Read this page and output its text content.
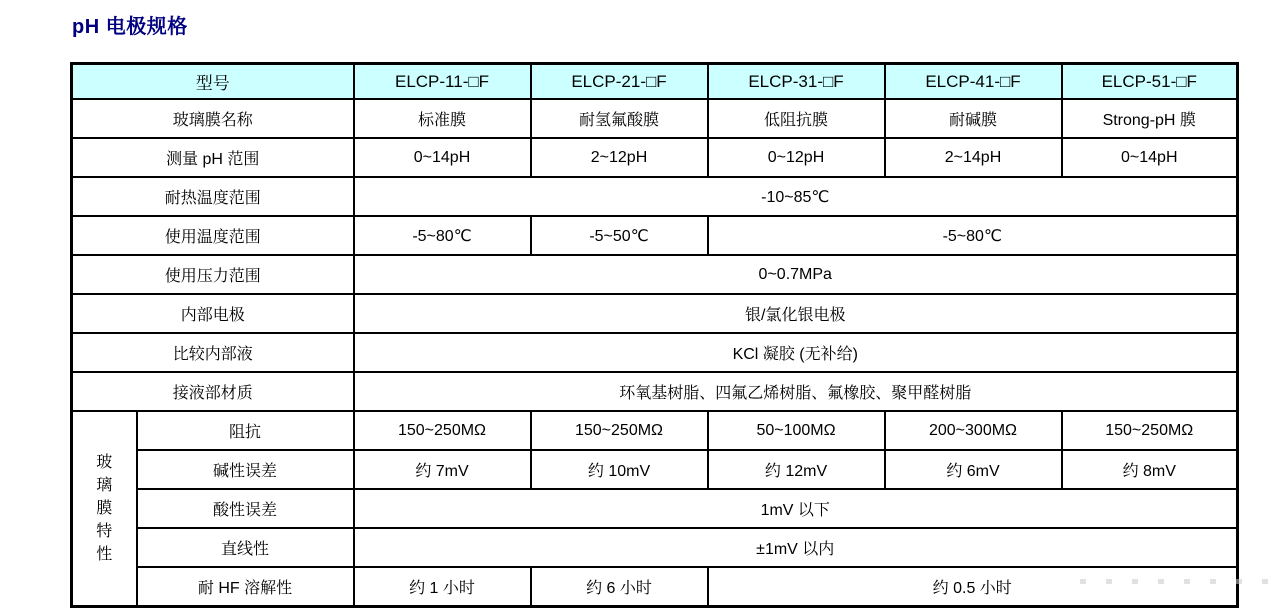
pH 电极规格
型号		ELCP-11-□F	ELCP-21-□F	ELCP-31-□F	ELCP-41-□F	ELCP-51-□F
玻璃膜名称		标准膜	耐氢氟酸膜	低阻抗膜	耐碱膜	Strong-pH 膜
测量 pH 范围		0~14pH	2~12pH	0~12pH	2~14pH	0~14pH
耐热温度范围		-10~85℃				
使用温度范围		-5~80℃	-5~50℃	-5~80℃		
使用压力范围		0~0.7MPa				
内部电极		银/氯化银电极				
比较内部液		KCl 凝胶 (无补给)				
接液部材质		环氧基树脂、四氟乙烯树脂、氟橡胶、聚甲醛树脂				

玻璃膜特性	阻抗	150~250MΩ	150~250MΩ	50~100MΩ	200~300MΩ	150~250MΩ
	碱性误差	约 7mV	约 10mV	约 12mV	约 6mV	约 8mV
	酸性误差	1mV 以下				
	直线性	±1mV 以内				
	耐 HF 溶解性	约 1 小时	约 6 小时	约 0.5 小时		
